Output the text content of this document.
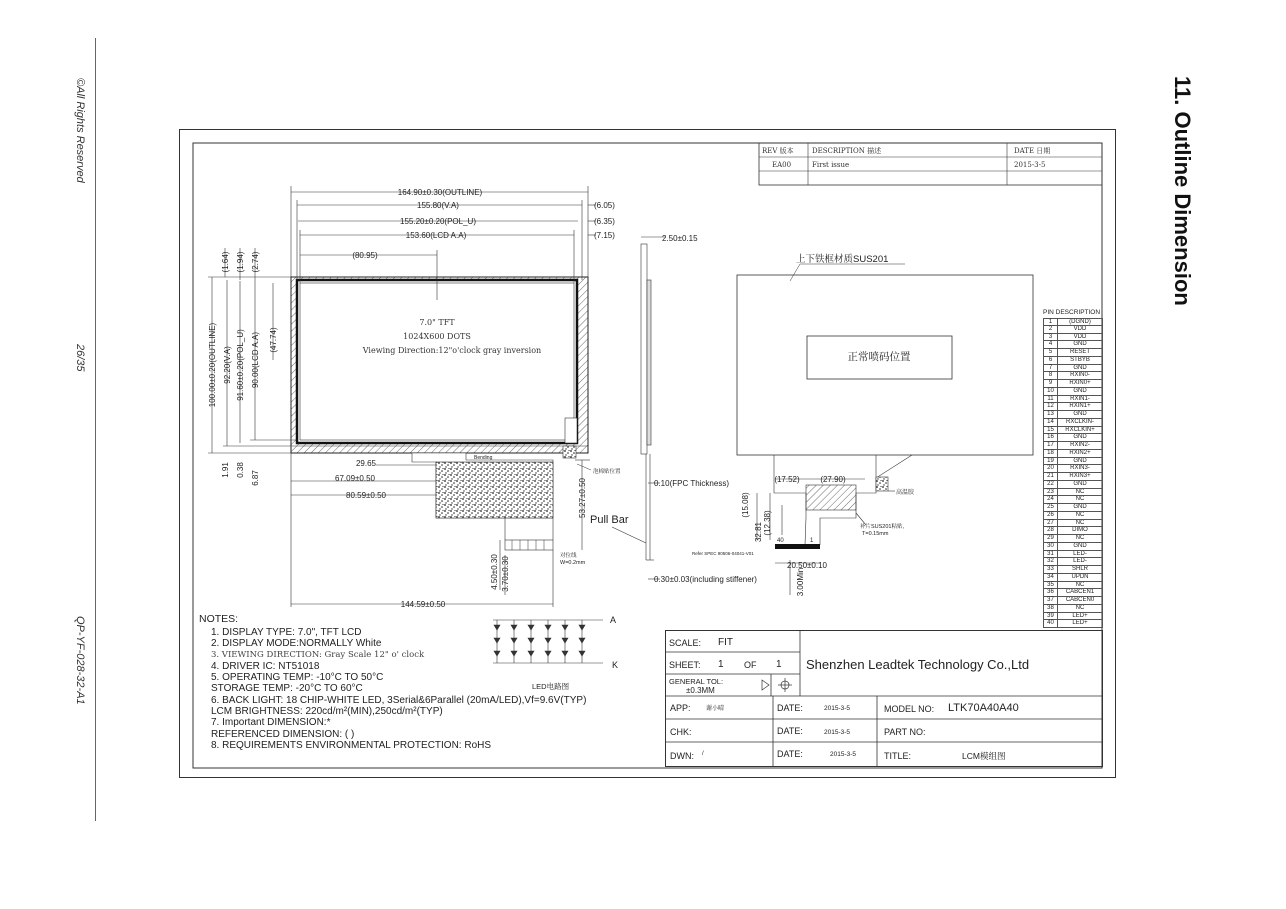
©All Rights Reserved
26/35
QP-YF-028-32-A1
11. Outline Dimension
REV 版本	DESCRIPTION 描述	DATE 日期
EA00	First issue	2015-3-5
7.0" TFT
1024X600 DOTS
Viewing Direction:12"o'clock gray inversion
Bending
164.90±0.30(OUTLINE)
155.80(V.A)
155.20±0.20(POL_U)
153.60(LCD A.A)
(6.05)
(6.35)
(7.15)
(80.95)
100.00±0.20(OUTLINE) 92.20(V.A) 91.60±0.20(POL_U) 90.00(LCD A.A) (47.74)
(1.64) (1.94) (2.74)
1.91 0.38
6.87
29.65
67.09±0.50
80.59±0.50
144.59±0.50
53.27±0.50
4.50±0.30 3.70±0.30
泡棉贴位置
对位线
W=0.2mm
2.50±0.15
0.10(FPC Thickness)
Pull Bar
0.30±0.03(including stiffener)
上下铁框材质SUS201
正常喷码位置
(17.52)	(27.90)
(15.08)
32.81 (12.38)
20.50±0.10
3.00Min
补片SUS201粘贴,
T=0.15mm
高温胶
Refer SPEC 90506-04041-V01
40	1
A
K
LED电路图
PIN DESCRIPTION
1	(DGND)
2	VDD
3	VDD
4	GND
5	RESET
6	STBYB
7	GND
8	RXIN0-
9	RXIN0+
10	GND
11	RXIN1-
12	RXIN1+
13	GND
14	RXCLKIN-
15	RXCLKIN+
16	GND
17	RXIN2-
18	RXIN2+
19	GND
20	RXIN3-
21	RXIN3+
22	GND
23	NC
24	NC
25	GND
26	NC
27	NC
28	DIMO
29	NC
30	GND
31	LED-
32	LED-
33	SHLR
34	UPDN
35	NC
36	CABCEN1
37	CABCEN0
38	NC
39	LED+
40	LED+
NOTES:
1. DISPLAY TYPE: 7.0", TFT LCD
2. DISPLAY MODE:NORMALLY White
3. VIEWING DIRECTION: Gray Scale 12" o' clock
4. DRIVER IC: NT51018
5. OPERATING TEMP: -10°C TO 50°C
STORAGE TEMP: -20°C TO 60°C
6. BACK LIGHT: 18 CHIP-WHITE LED, 3Serial&6Parallel (20mA/LED),Vf=9.6V(TYP)
LCM BRIGHTNESS: 220cd/m²(MIN),250cd/m²(TYP)
7. Important DIMENSION:*
REFERENCED DIMENSION: ( )
8. REQUIREMENTS ENVIRONMENTAL PROTECTION: RoHS
SCALE: FIT
SHEET: 1 OF 1
GENERAL TOL:
±0.3MM
Shenzhen Leadtek Technology Co.,Ltd
APP:	谢小晴
CHK:
DWN: /
DATE:	2015-3-5
DATE:	2015-3-5
DATE:	2015-3-5
MODEL NO: LTK70A40A40
PART NO:
TITLE:	LCM模组图
